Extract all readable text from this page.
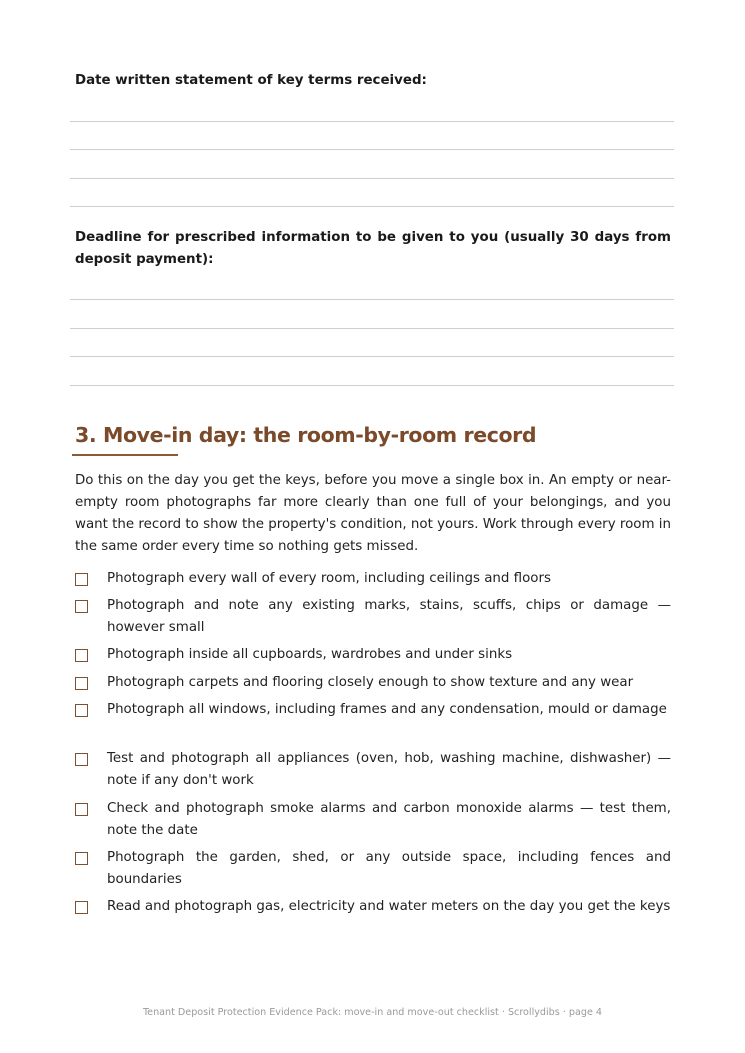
Date written statement of key terms received:
Deadline for prescribed information to be given to you (usually 30 days from deposit payment):
3. Move-in day: the room-by-room record
Do this on the day you get the keys, before you move a single box in. An empty or near-empty room photographs far more clearly than one full of your belongings, and you want the record to show the property's condition, not yours. Work through every room in the same order every time so nothing gets missed.
Photograph every wall of every room, including ceilings and floors
Photograph and note any existing marks, stains, scuffs, chips or damage — however small
Photograph inside all cupboards, wardrobes and under sinks
Photograph carpets and flooring closely enough to show texture and any wear
Photograph all windows, including frames and any condensation, mould or damage
Test and photograph all appliances (oven, hob, washing machine, dishwasher) — note if any don't work
Check and photograph smoke alarms and carbon monoxide alarms — test them, note the date
Photograph the garden, shed, or any outside space, including fences and boundaries
Read and photograph gas, electricity and water meters on the day you get the keys
Tenant Deposit Protection Evidence Pack: move-in and move-out checklist · Scrollydibs · page 4
